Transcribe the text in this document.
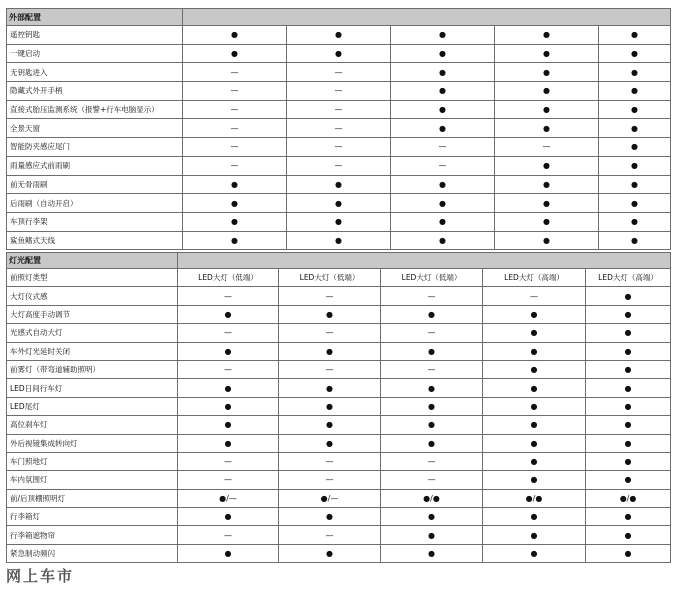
外部配置					
遥控钥匙	●	●	●	●	●
一键启动	●	●	●	●	●
无钥匙进入	—	—	●	●	●
隐藏式外开手柄	—	—	●	●	●
直接式胎压监测系统（报警+行车电脑显示）	—	—	●	●	●
全景天窗	—	—	●	●	●
智能防夹感应尾门	—	—	—	—	●
雨量感应式前雨刷	—	—	—	●	●
前无骨雨刷	●	●	●	●	●
后雨刷（自动开启）	●	●	●	●	●
车顶行李架	●	●	●	●	●
鲨鱼鳍式天线	●	●	●	●	●
灯光配置					
前照灯类型	LED大灯（低端）	LED大灯（低端）	LED大灯（低端）	LED大灯（高端）	LED大灯（高端）
大灯仪式感	—	—	—	—	●
大灯高度手动调节	●	●	●	●	●
光感式自动大灯	—	—	—	●	●
车外灯光延时关闭	●	●	●	●	●
前雾灯（带弯道辅助照明）	—	—	—	●	●
LED日间行车灯	●	●	●	●	●
LED尾灯	●	●	●	●	●
高位刹车灯	●	●	●	●	●
外后视镜集成转向灯	●	●	●	●	●
车门照地灯	—	—	—	●	●
车内氛围灯	—	—	—	●	●
前/后顶棚照明灯	●/—	●/—	●/●	●/●	●/●
行李箱灯	●	●	●	●	●
行李箱遮物帘	—	—	●	●	●
紧急制动频闪	●	●	●	●	●
网上车市
